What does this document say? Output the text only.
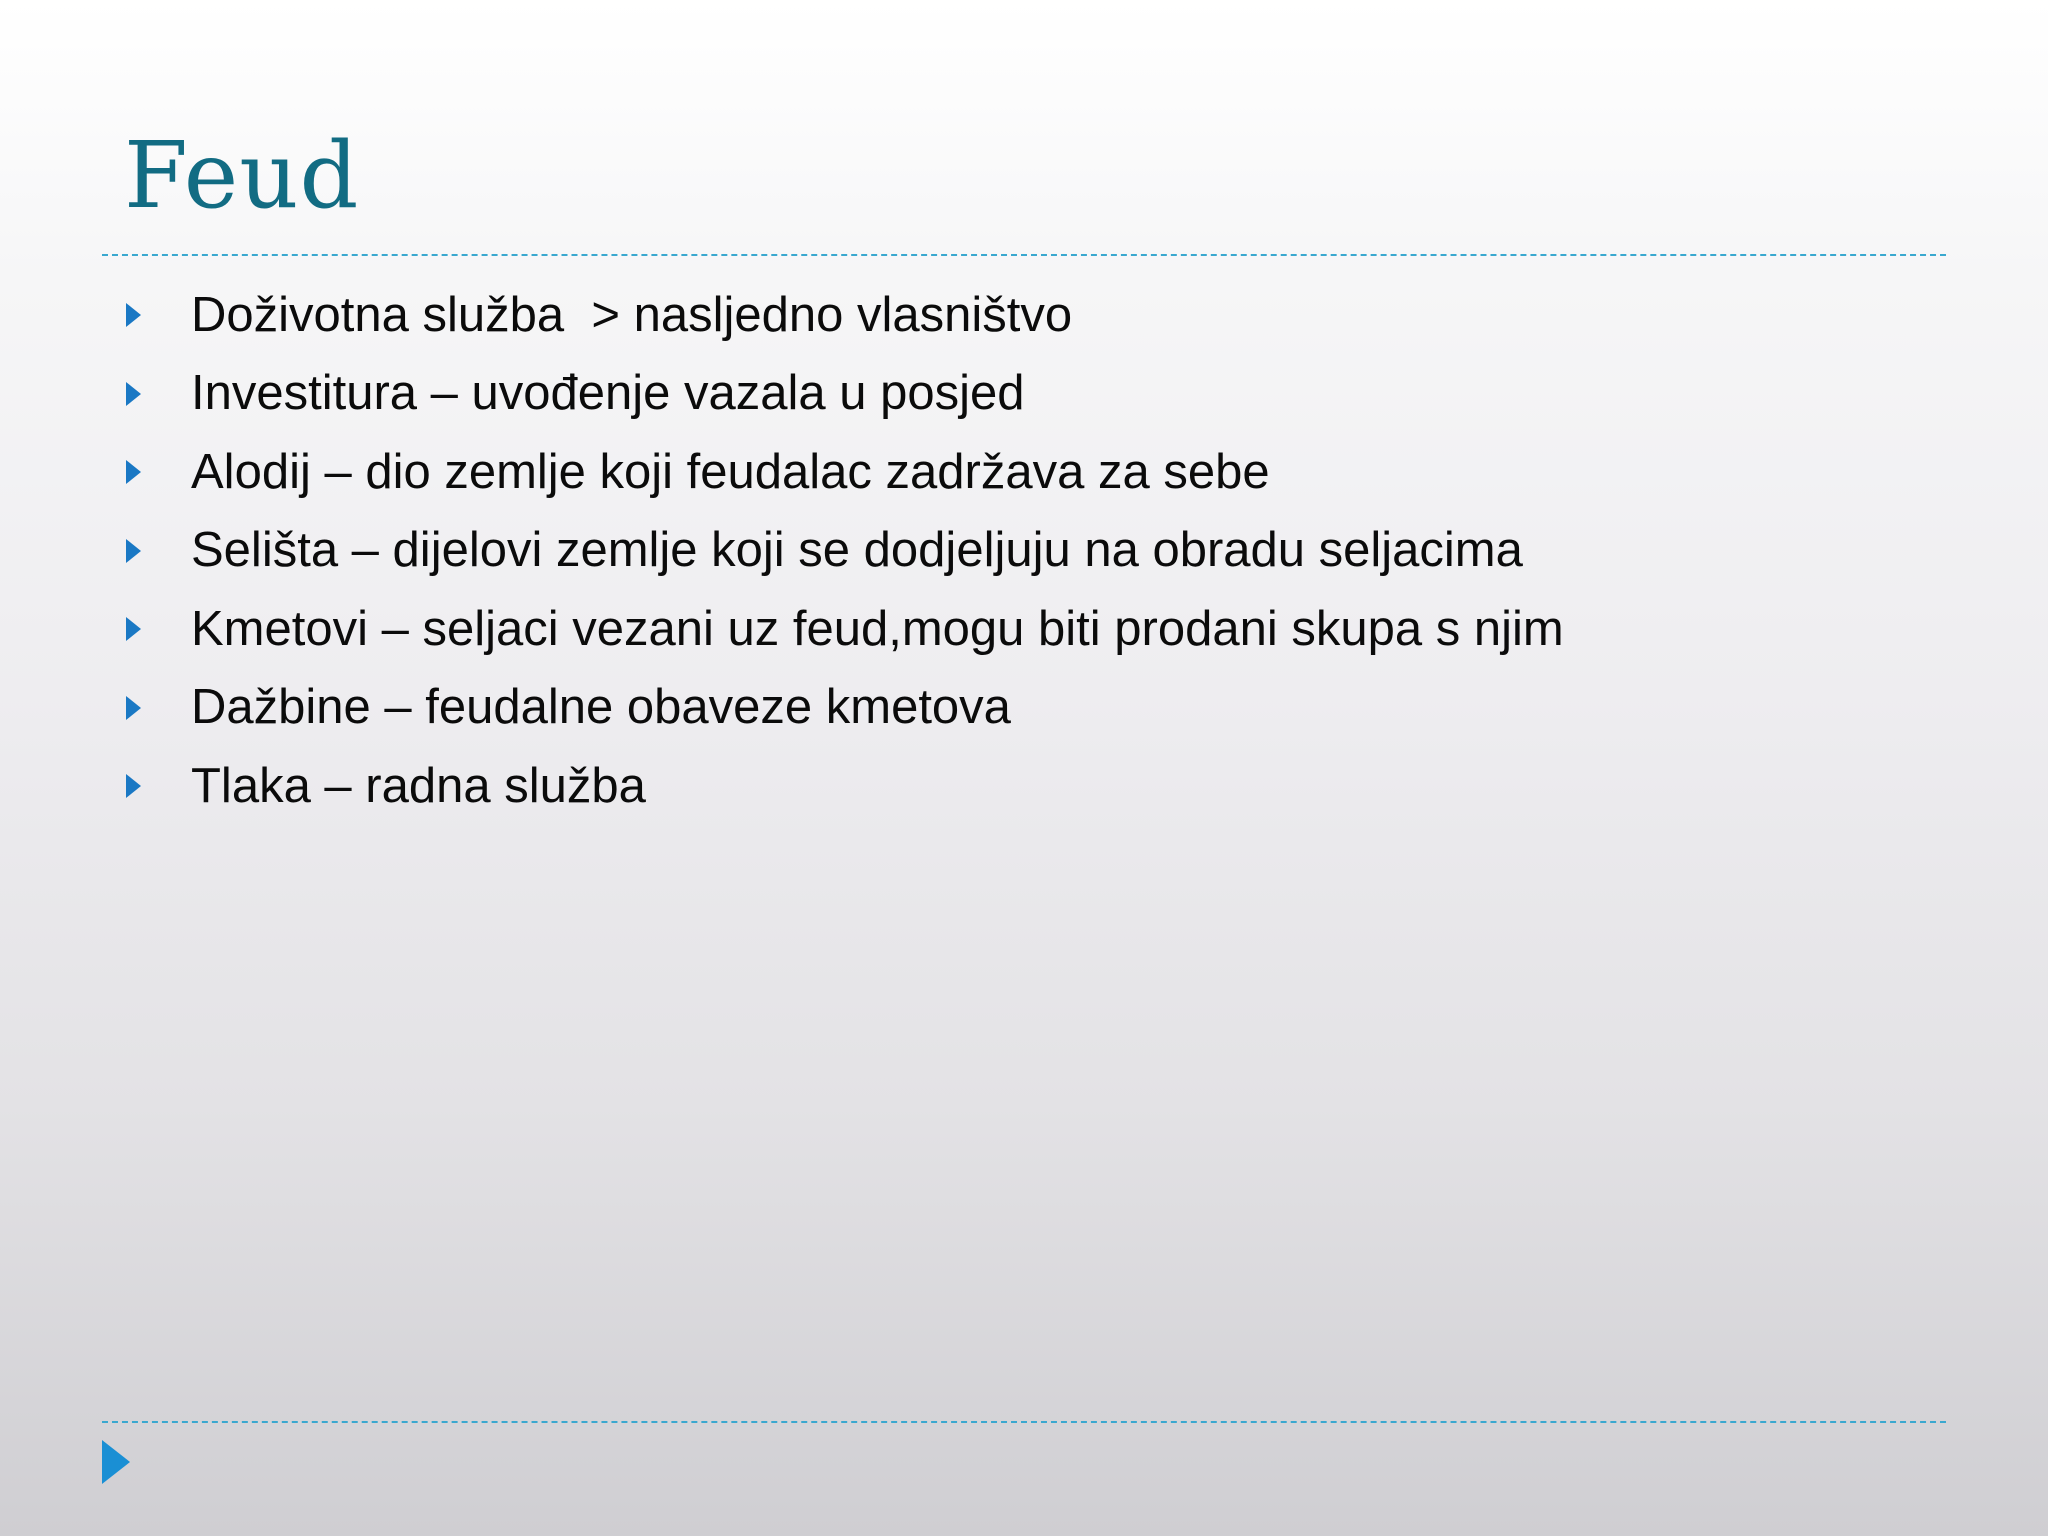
Feud
Doživotna služba  > nasljedno vlasništvo
Investitura – uvođenje vazala u posjed
Alodij – dio zemlje koji feudalac zadržava za sebe
Selišta – dijelovi zemlje koji se dodjeljuju na obradu seljacima
Kmetovi – seljaci vezani uz feud,mogu biti prodani skupa s njim
Dažbine – feudalne obaveze kmetova
Tlaka – radna služba
